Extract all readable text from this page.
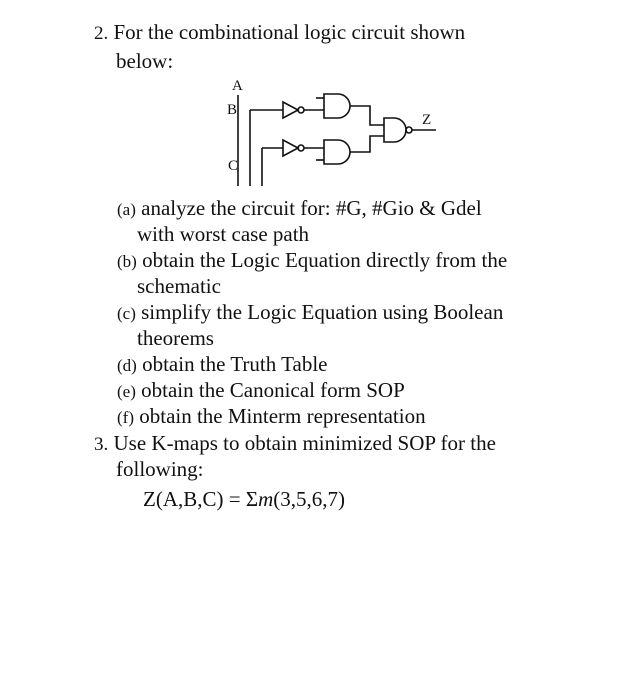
2. For the combinational logic circuit shown
below:
A
B
C
Z
(a) analyze the circuit for: #G, #Gio & Gdel
with worst case path
(b) obtain the Logic Equation directly from the
schematic
(c) simplify the Logic Equation using Boolean
theorems
(d) obtain the Truth Table
(e) obtain the Canonical form SOP
(f) obtain the Minterm representation
3. Use K-maps to obtain minimized SOP for the
following:
Z(A,B,C) = Σm(3,5,6,7)
